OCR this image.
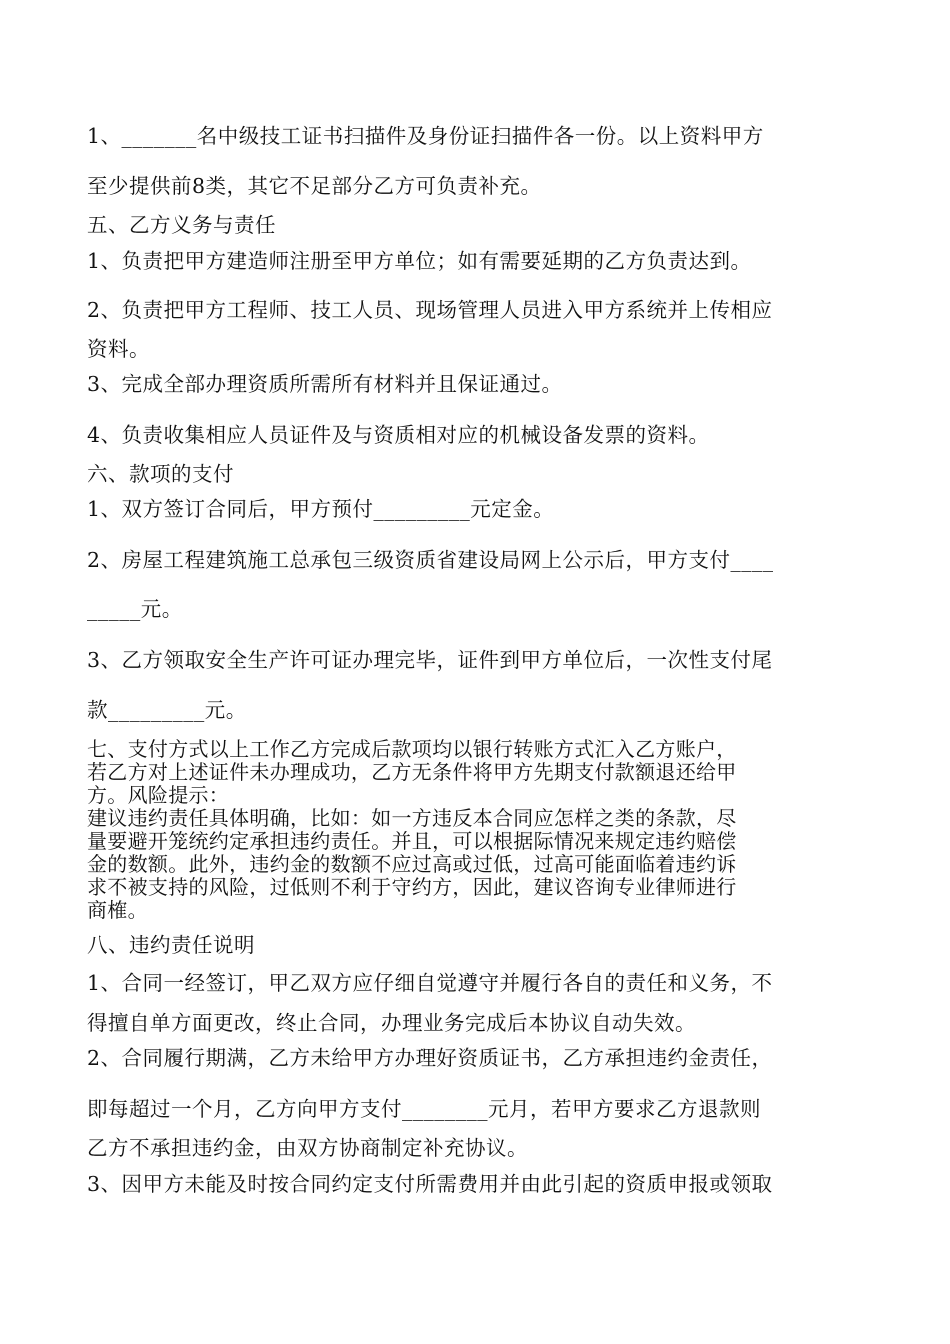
1、_______名中级技工证书扫描件及身份证扫描件各一份。以上资料甲方
至少提供前8类，其它不足部分乙方可负责补充。
五、乙方义务与责任
1、负责把甲方建造师注册至甲方单位；如有需要延期的乙方负责达到。
2、负责把甲方工程师、技工人员、现场管理人员进入甲方系统并上传相应
资料。
3、完成全部办理资质所需所有材料并且保证通过。
4、负责收集相应人员证件及与资质相对应的机械设备发票的资料。
六、款项的支付
1、双方签订合同后，甲方预付_________元定金。
2、房屋工程建筑施工总承包三级资质省建设局网上公示后，甲方支付____
_____元。
3、乙方领取安全生产许可证办理完毕，证件到甲方单位后，一次性支付尾
款_________元。
七、支付方式以上工作乙方完成后款项均以银行转账方式汇入乙方账户，
若乙方对上述证件未办理成功，乙方无条件将甲方先期支付款额退还给甲
方。风险提示：
建议违约责任具体明确，比如：如一方违反本合同应怎样之类的条款，尽
量要避开笼统约定承担违约责任。并且，可以根据际情况来规定违约赔偿
金的数额。此外，违约金的数额不应过高或过低，过高可能面临着违约诉
求不被支持的风险，过低则不利于守约方，因此，建议咨询专业律师进行
商榷。
八、违约责任说明
1、合同一经签订，甲乙双方应仔细自觉遵守并履行各自的责任和义务，不
得擅自单方面更改，终止合同，办理业务完成后本协议自动失效。
2、合同履行期满，乙方未给甲方办理好资质证书，乙方承担违约金责任，
即每超过一个月，乙方向甲方支付________元月，若甲方要求乙方退款则
乙方不承担违约金，由双方协商制定补充协议。
3、因甲方未能及时按合同约定支付所需费用并由此引起的资质申报或领取
